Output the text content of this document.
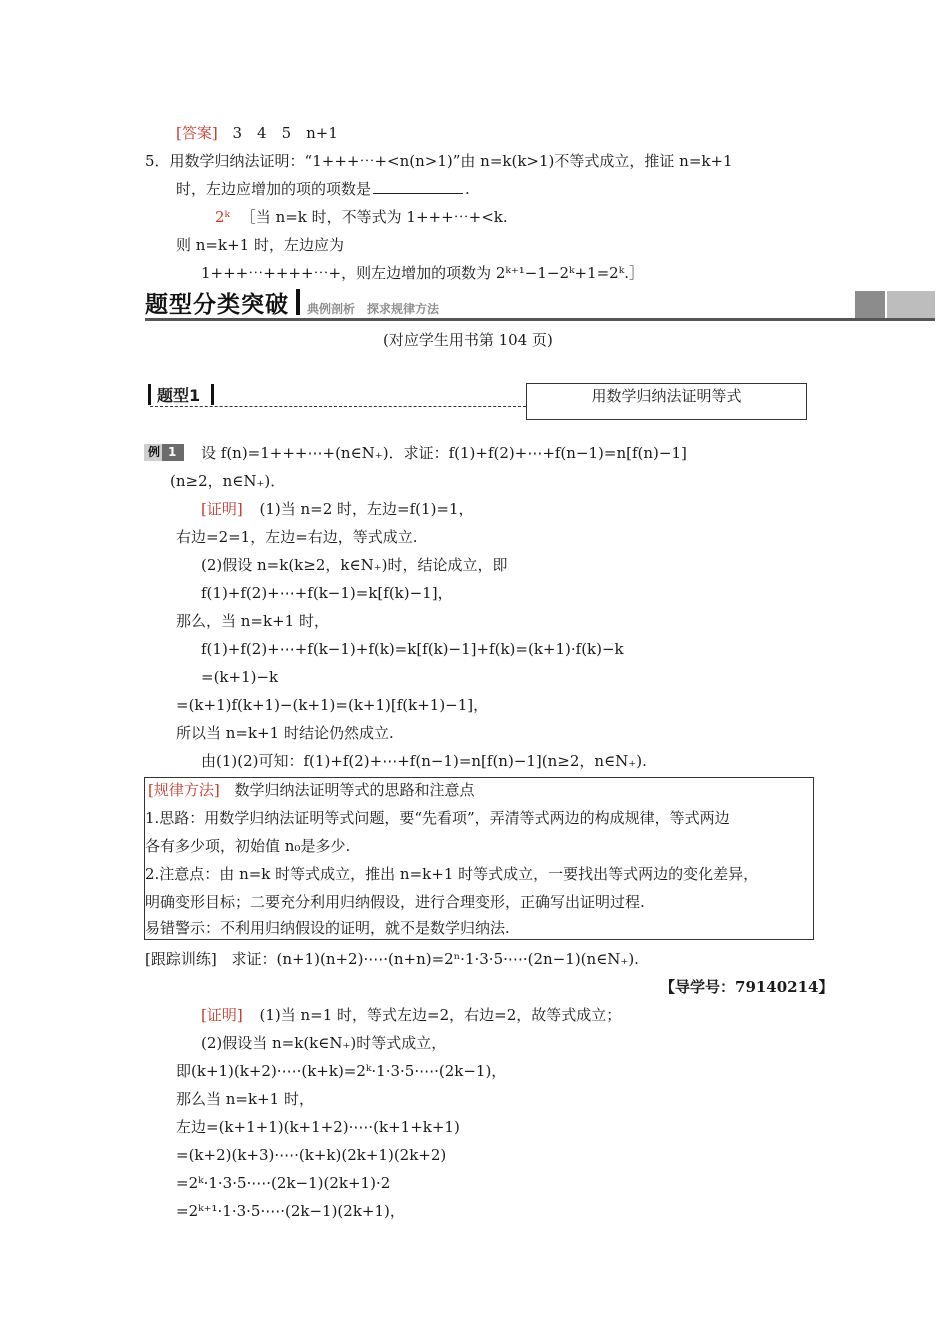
[答案] 3　4　5　n+1
5．用数学归纳法证明：“1+++⋯+<n(n>1)”由 n=k(k>1)不等式成立，推证 n=k+1
时，左边应增加的项的项数是	.
2ᵏ ［当 n=k 时，不等式为 1+++⋯+<k.
则 n=k+1 时，左边应为
1+++⋯++++⋯+，则左边增加的项数为 2ᵏ⁺¹−1−2ᵏ+1=2ᵏ.］
题型分类突破 典例剖析　探求规律方法
(对应学生用书第 104 页)
题型1	用数学归纳法证明等式
例 1 设 f(n)=1+++⋯+(n∈N₊)．求证：f(1)+f(2)+⋯+f(n−1)=n[f(n)−1]
(n≥2，n∈N₊)．
[证明] (1)当 n=2 时，左边=f(1)=1，
右边=2=1，左边=右边，等式成立.
(2)假设 n=k(k≥2，k∈N₊)时，结论成立，即
f(1)+f(2)+⋯+f(k−1)=k[f(k)−1]，
那么，当 n=k+1 时，
f(1)+f(2)+⋯+f(k−1)+f(k)=k[f(k)−1]+f(k)=(k+1)·f(k)−k
=(k+1)−k
=(k+1)f(k+1)−(k+1)=(k+1)[f(k+1)−1]，
所以当 n=k+1 时结论仍然成立.
由(1)(2)可知：f(1)+f(2)+⋯+f(n−1)=n[f(n)−1](n≥2，n∈N₊).
[规律方法] 数学归纳法证明等式的思路和注意点
1.思路：用数学归纳法证明等式问题，要“先看项”，弄清等式两边的构成规律，等式两边
各有多少项，初始值 n₀是多少.
2.注意点：由 n=k 时等式成立，推出 n=k+1 时等式成立，一要找出等式两边的变化差异，
明确变形目标；二要充分利用归纳假设，进行合理变形，正确写出证明过程.
易错警示：不利用归纳假设的证明，就不是数学归纳法.
[跟踪训练] 求证：(n+1)(n+2)·⋯·(n+n)=2ⁿ·1·3·5·⋯·(2n−1)(n∈N₊).
【导学号：79140214】
[证明] (1)当 n=1 时，等式左边=2，右边=2，故等式成立；
(2)假设当 n=k(k∈N₊)时等式成立，
即(k+1)(k+2)·⋯·(k+k)=2ᵏ·1·3·5·⋯·(2k−1)，
那么当 n=k+1 时，
左边=(k+1+1)(k+1+2)·⋯·(k+1+k+1)
=(k+2)(k+3)·⋯·(k+k)(2k+1)(2k+2)
=2ᵏ·1·3·5·⋯·(2k−1)(2k+1)·2
=2ᵏ⁺¹·1·3·5·⋯·(2k−1)(2k+1)，
